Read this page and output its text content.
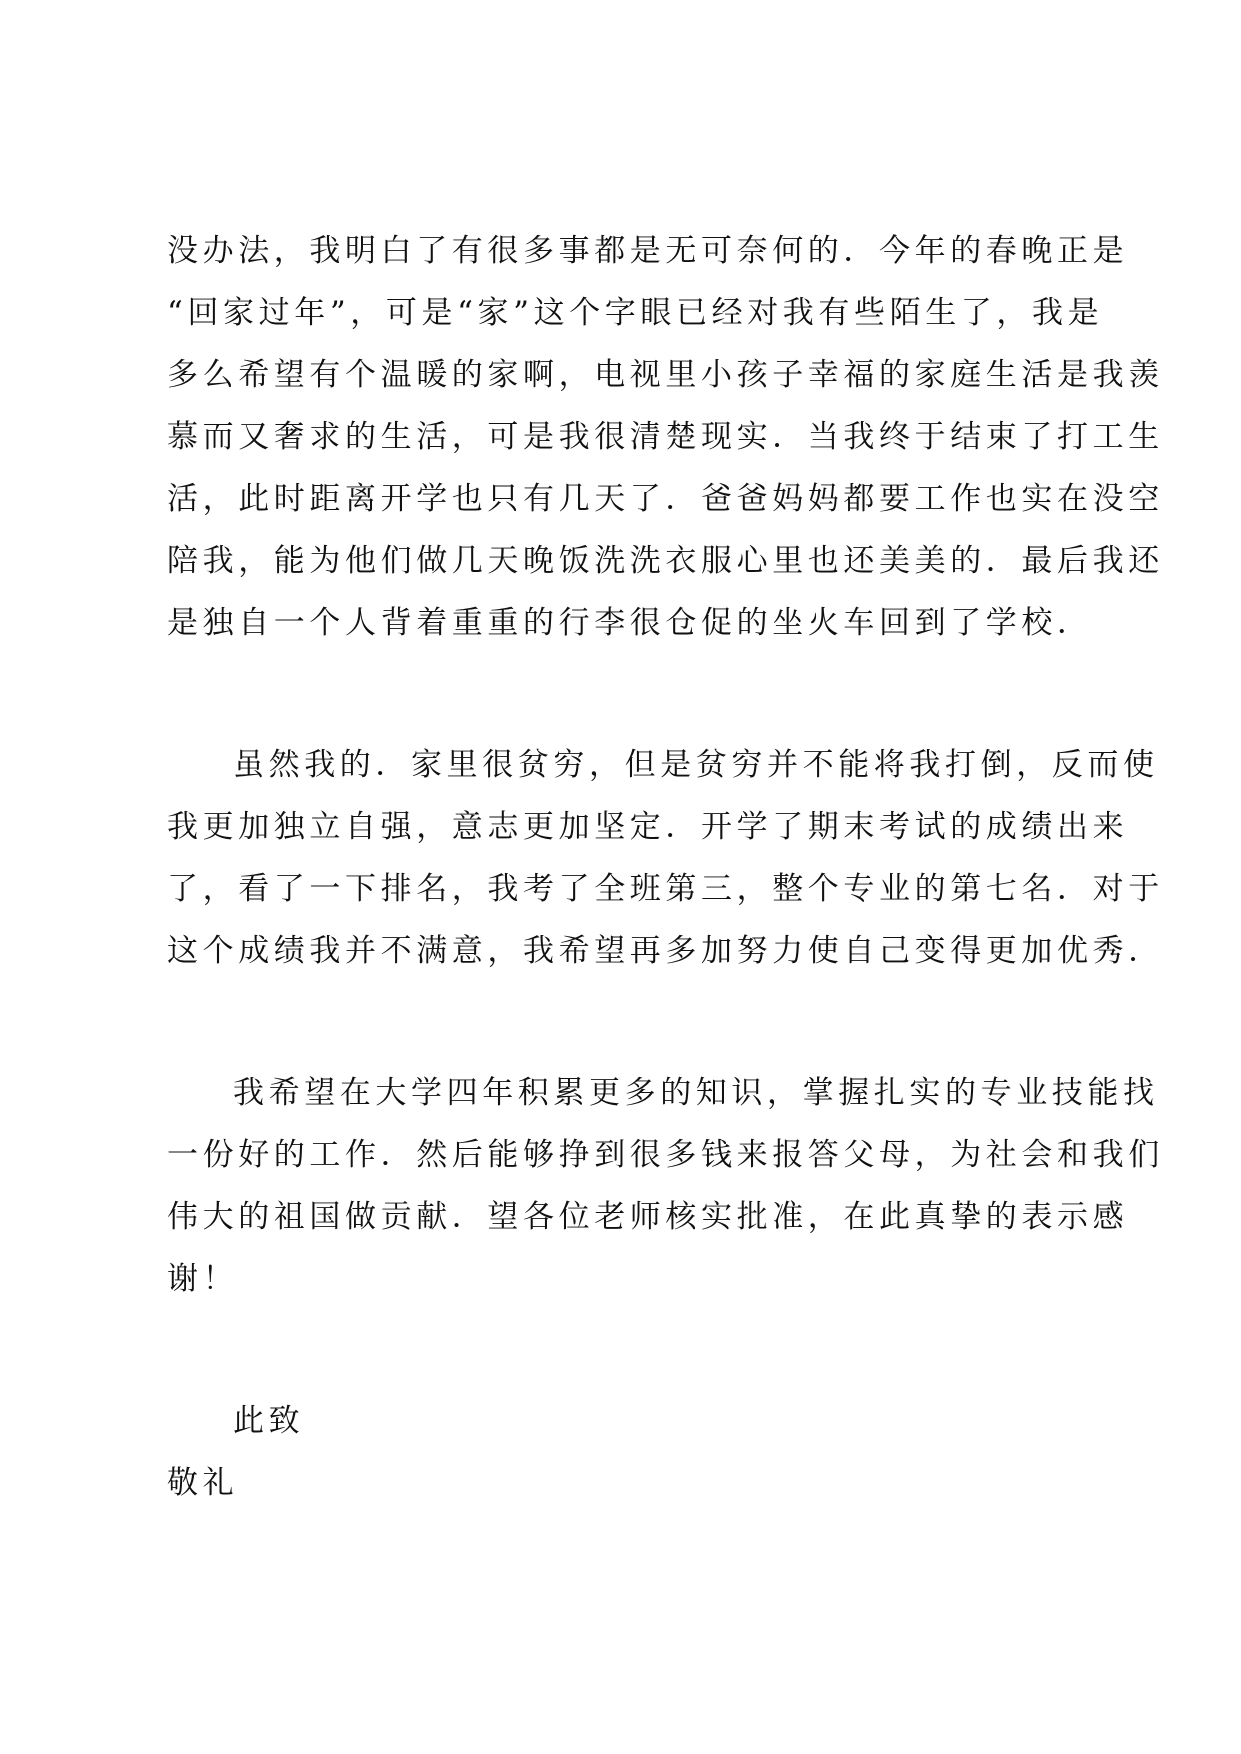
没办法，我明白了有很多事都是无可奈何的．今年的春晚正是
“回家过年”，可是“家”这个字眼已经对我有些陌生了，我是
多么希望有个温暖的家啊，电视里小孩子幸福的家庭生活是我羡
慕而又奢求的生活，可是我很清楚现实．当我终于结束了打工生
活，此时距离开学也只有几天了．爸爸妈妈都要工作也实在没空
陪我，能为他们做几天晚饭洗洗衣服心里也还美美的．最后我还
是独自一个人背着重重的行李很仓促的坐火车回到了学校．
虽然我的．家里很贫穷，但是贫穷并不能将我打倒，反而使
我更加独立自强，意志更加坚定．开学了期末考试的成绩出来
了，看了一下排名，我考了全班第三，整个专业的第七名．对于
这个成绩我并不满意，我希望再多加努力使自己变得更加优秀．
我希望在大学四年积累更多的知识，掌握扎实的专业技能找
一份好的工作．然后能够挣到很多钱来报答父母，为社会和我们
伟大的祖国做贡献．望各位老师核实批准，在此真挚的表示感
谢！
此致
敬礼
